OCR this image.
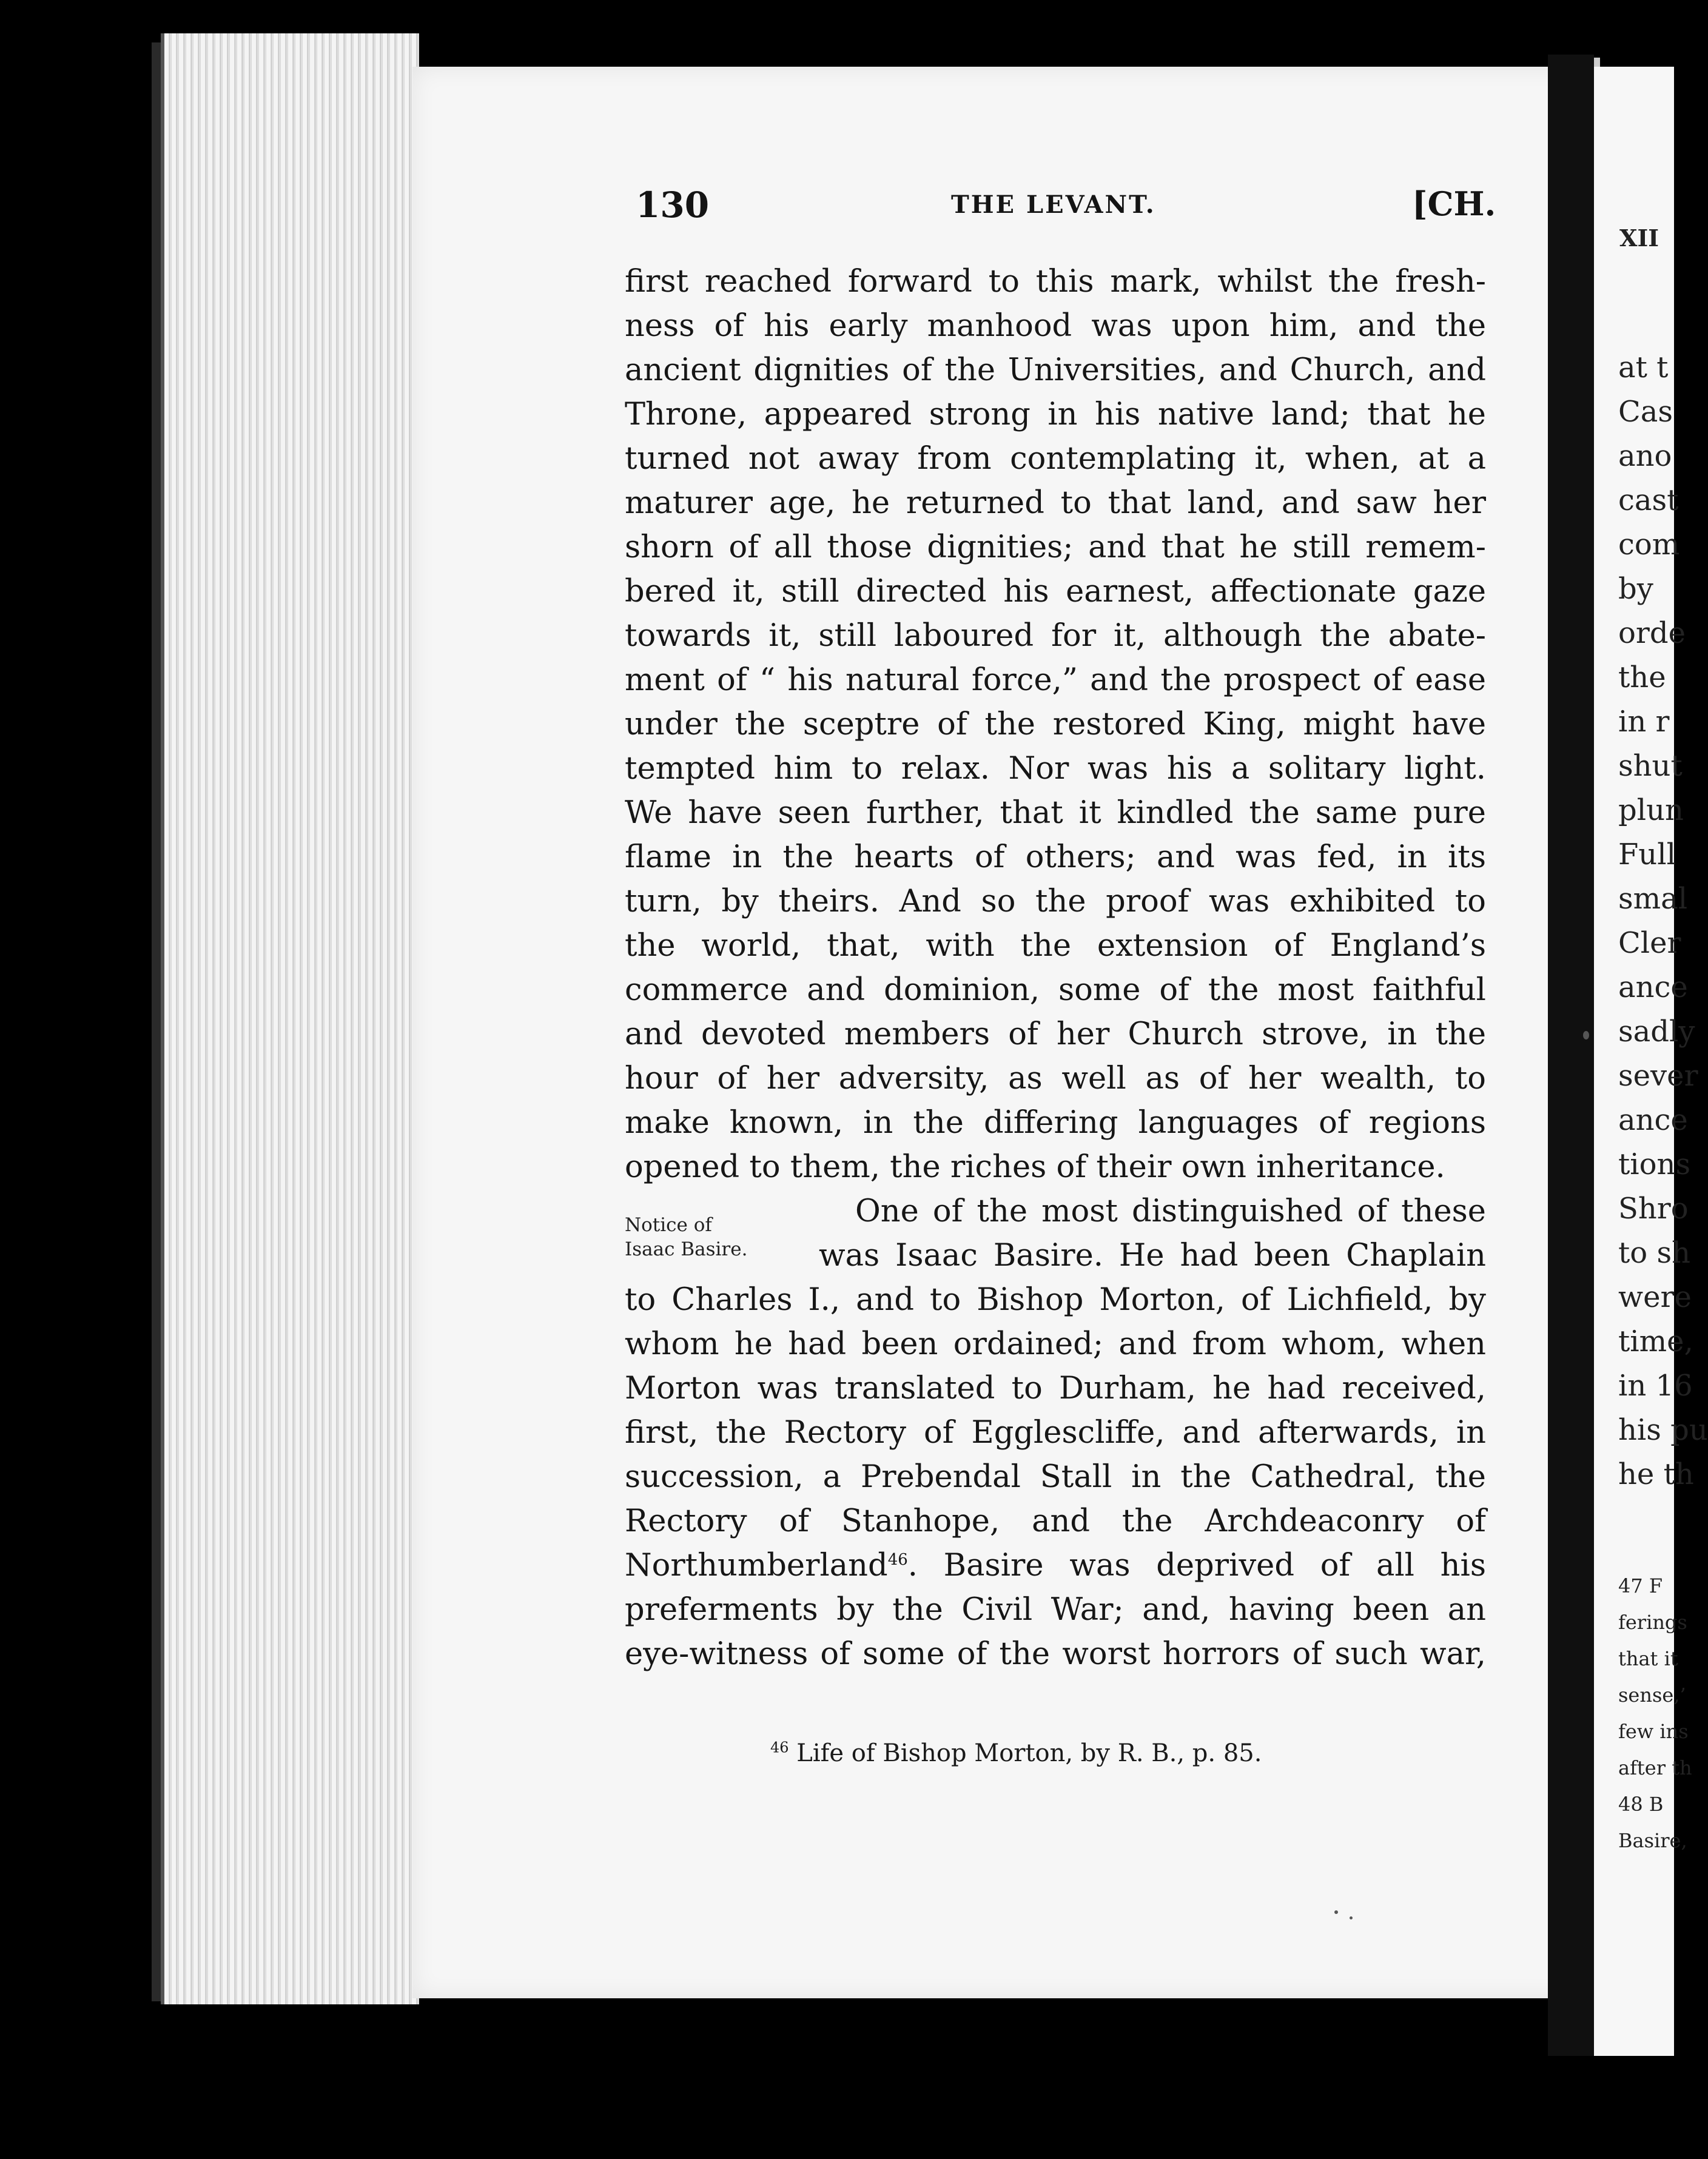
XII
at t
Cas
ano
cast
com
by
orde
the
in r
shut
plun
Full
smal
Cler
ance
sadly
sever
ance
tions
Shro
to sh
were
time,
in 16
his pu
he th
47 F
ferings
that it
sense,’
few ins
after th
48 B
Basire,
130	THE LEVANT.	[CH.
first reached forward to this mark, whilst the fresh-
ness of his early manhood was upon him, and the
ancient dignities of the Universities, and Church, and
Throne, appeared strong in his native land; that he
turned not away from contemplating it, when, at a
maturer age, he returned to that land, and saw her
shorn of all those dignities; and that he still remem-
bered it, still directed his earnest, affectionate gaze
towards it, still laboured for it, although the abate-
ment of “ his natural force,” and the prospect of ease
under the sceptre of the restored King, might have
tempted him to relax. Nor was his a solitary light.
We have seen further, that it kindled the same pure
flame in the hearts of others; and was fed, in its
turn, by theirs. And so the proof was exhibited to
the world, that, with the extension of England’s
commerce and dominion, some of the most faithful
and devoted members of her Church strove, in the
hour of her adversity, as well as of her wealth, to
make known, in the differing languages of regions
opened to them, the riches of their own inheritance.
One of the most distinguished of these
was Isaac Basire. He had been Chaplain
to Charles I., and to Bishop Morton, of Lichfield, by
whom he had been ordained; and from whom, when
Morton was translated to Durham, he had received,
first, the Rectory of Egglescliffe, and afterwards, in
succession, a Prebendal Stall in the Cathedral, the
Rectory of Stanhope, and the Archdeaconry of
Northumberland$^{46}$. Basire was deprived of all his
preferments by the Civil War; and, having been an
eye-witness of some of the worst horrors of such war,
Notice of
Isaac Basire.
$^{46}$ Life of Bishop Morton, by R. B., p. 85.
